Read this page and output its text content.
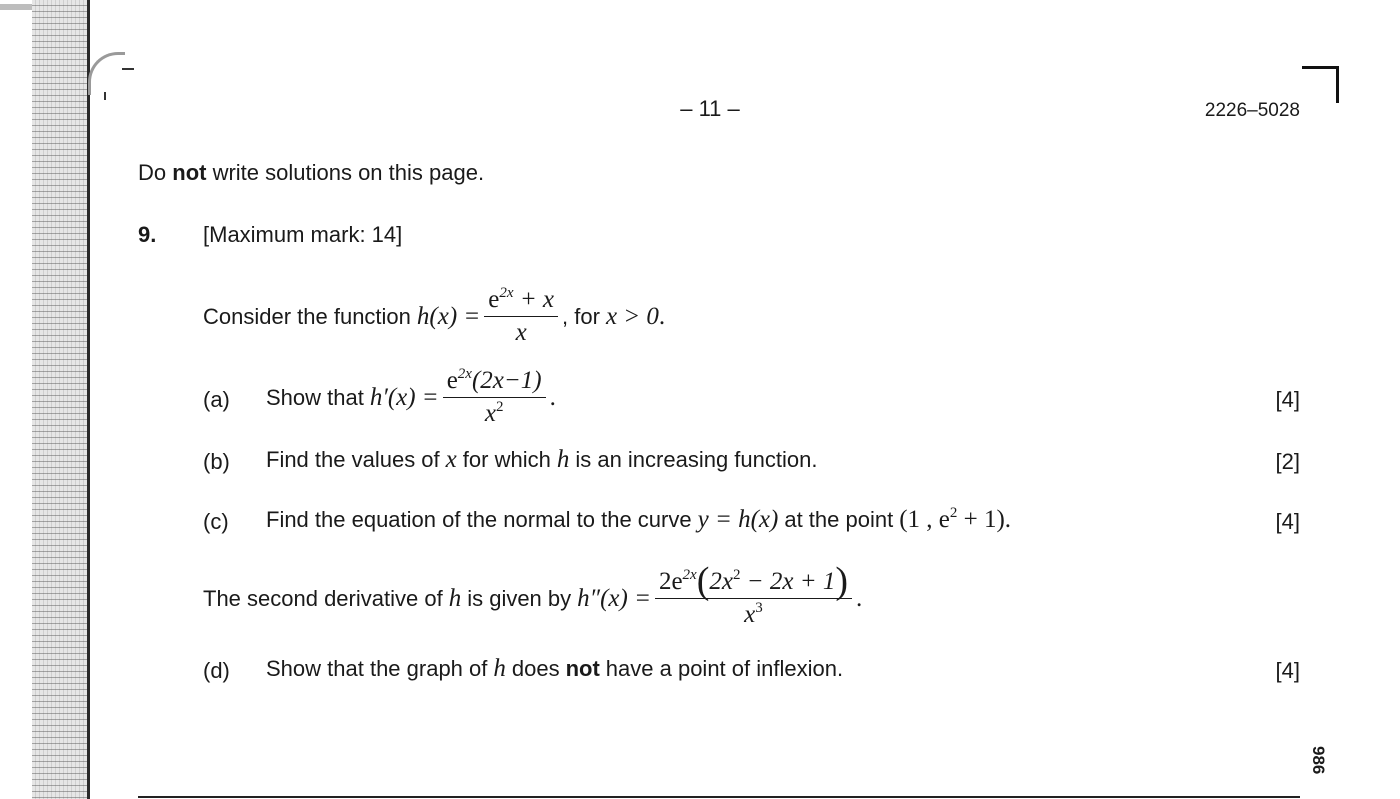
– 11 –	2226–5028
Do not write solutions on this page.
9. [Maximum mark: 14]
Consider the function h $(x) = \frac{e^{2x} + x}{x}$ , for x > 0 .
(a) Show that $h'(x) = \frac{e^{2x}(2x-1)}{x^2}$ .	[4]
(b) Find the values of x for which h is an increasing function.	[2]
(c) Find the equation of the normal to the curve y = h(x) at the point (1 , $e^2 + 1$).	[4]
The second derivative of h is given by $h''(x) = \frac{2e^{2x}(2x^2 - 2x + 1)}{x^3}$ .
(d) Show that the graph of h does not have a point of inflexion.	[4]
986
